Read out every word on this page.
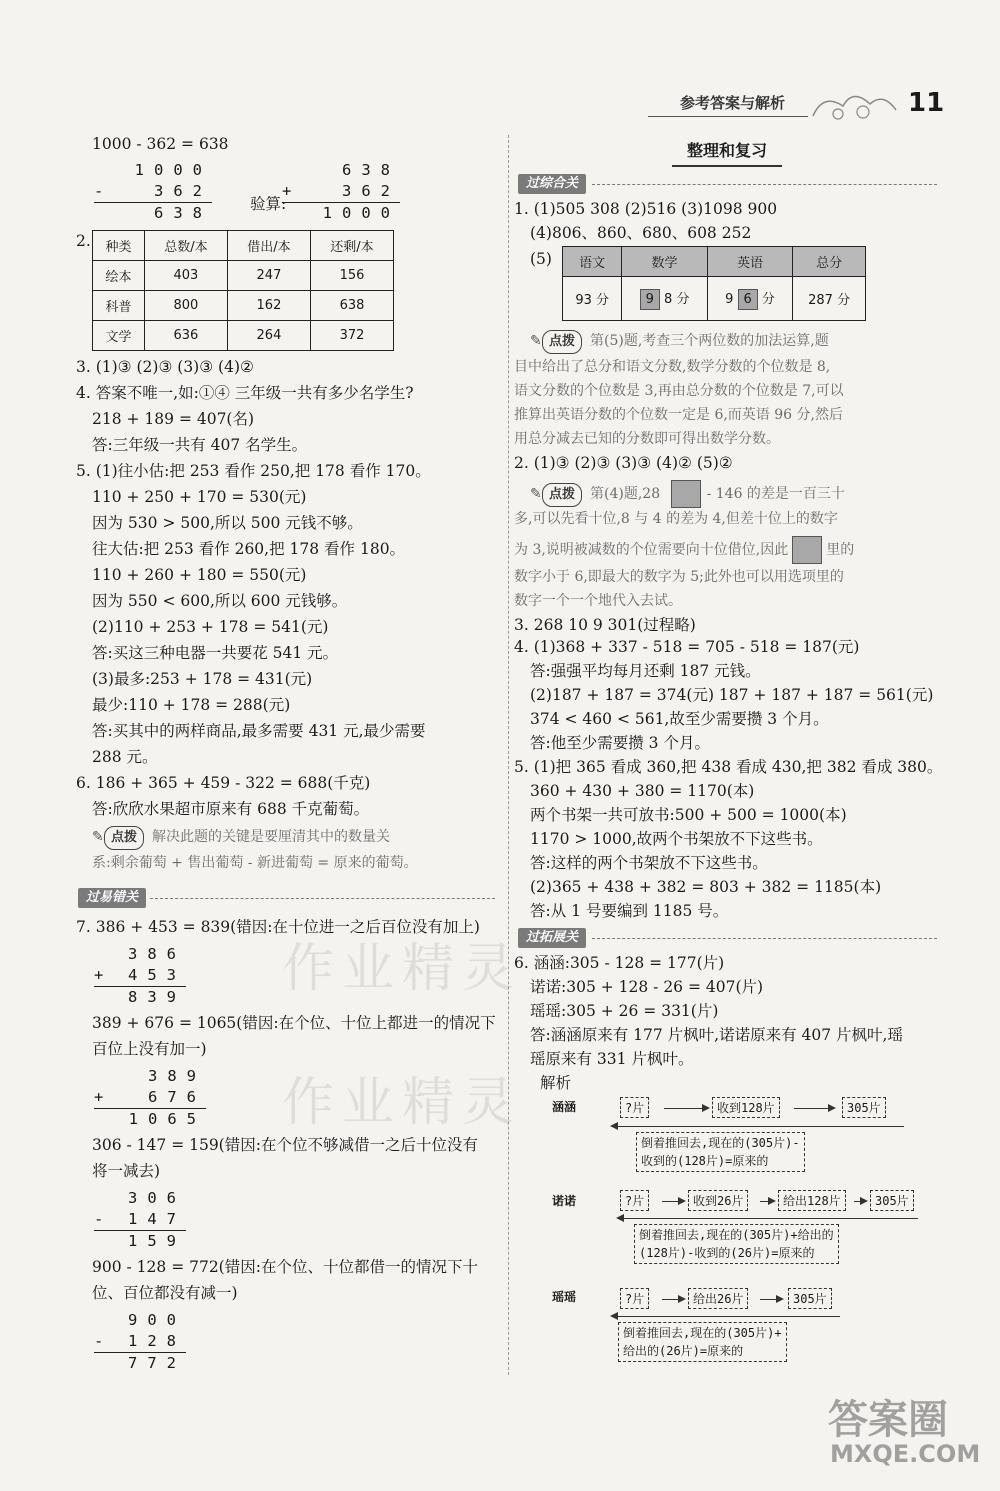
参考答案与解析	11
1000 - 362 = 638
1000
-	362
638 验算:
638
+	362
1000
2. 种类	总数/本	借出/本	还剩/本
绘本	403	247	156
科普	800	162	638
文学	636	264	372
3. (1)③ (2)③ (3)③ (4)②
4. 答案不唯一,如:①④ 三年级一共有多少名学生?
218 + 189 = 407(名)
答:三年级一共有 407 名学生。
5. (1)往小估:把 253 看作 250,把 178 看作 170。
110 + 250 + 170 = 530(元)
因为 530 > 500,所以 500 元钱不够。
往大估:把 253 看作 260,把 178 看作 180。
110 + 260 + 180 = 550(元)
因为 550 < 600,所以 600 元钱够。
(2)110 + 253 + 178 = 541(元)
答:买这三种电器一共要花 541 元。
(3)最多:253 + 178 = 431(元)
最少:110 + 178 = 288(元)
答:买其中的两样商品,最多需要 431 元,最少需要
288 元。
6. 186 + 365 + 459 - 322 = 688(千克)
答:欣欣水果超市原来有 688 千克葡萄。
✎ 点拨 解决此题的关键是要厘清其中的数量关
系:剩余葡萄 + 售出葡萄 - 新进葡萄 = 原来的葡萄。
过易错关
7. 386 + 453 = 839(错因:在十位进一之后百位没有加上)
386
+ 453
839
389 + 676 = 1065(错因:在个位、十位上都进一的情况下
百位上没有加一)
389
+ 676
1065
306 - 147 = 159(错因:在个位不够减借一之后十位没有
将一减去)
306
- 147
159
900 - 128 = 772(错因:在个位、十位都借一的情况下十
位、百位都没有减一)
900
- 128
772
整理和复习
过综合关
1. (1)505 308 (2)516 (3)1098 900
(4)806、860、680、608 252
(5) 语文	数学	英语	总分
93 分	9 8 分	9 6 分	287 分
✎ 点拨 第(5)题,考查三个两位数的加法运算,题
目中给出了总分和语文分数,数学分数的个位数是 8,
语文分数的个位数是 3,再由总分数的个位数是 7,可以
推算出英语分数的个位数一定是 6,而英语 96 分,然后
用总分减去已知的分数即可得出数学分数。
2. (1)③ (2)③ (3)③ (4)② (5)②
✎ 点拨 第(4)题,28	- 146 的差是一百三十
多,可以先看十位,8 与 4 的差为 4,但差十位上的数字
为 3,说明被减数的个位需要向十位借位,因此	里的
数字小于 6,即最大的数字为 5;此外也可以用选项里的
数字一个一个地代入去试。
3. 268 10 9 301(过程略)
4. (1)368 + 337 - 518 = 705 - 518 = 187(元)
答:强强平均每月还剩 187 元钱。
(2)187 + 187 = 374(元) 187 + 187 + 187 = 561(元)
374 < 460 < 561,故至少需要攒 3 个月。
答:他至少需要攒 3 个月。
5. (1)把 365 看成 360,把 438 看成 430,把 382 看成 380。
360 + 430 + 380 = 1170(本)
两个书架一共可放书:500 + 500 = 1000(本)
1170 > 1000,故两个书架放不下这些书。
答:这样的两个书架放不下这些书。
(2)365 + 438 + 382 = 803 + 382 = 1185(本)
答:从 1 号要编到 1185 号。
过拓展关
6. 涵涵:305 - 128 = 177(片)
诺诺:305 + 128 - 26 = 407(片)
瑶瑶:305 + 26 = 331(片)
答:涵涵原来有 177 片枫叶,诺诺原来有 407 片枫叶,瑶
瑶原来有 331 片枫叶。
解析
涵涵	?片	收到128片	305片
倒着推回去,现在的(305片)-
收到的(128片)=原来的
诺诺	?片	收到26片	给出128片	305片
倒着推回去,现在的(305片)+给出的
(128片)-收到的(26片)=原来的
瑶瑶	?片	给出26片	305片
倒着推回去,现在的(305片)+
给出的(26片)=原来的
作业精灵
作业精灵
答案圈
MXQE.COM
